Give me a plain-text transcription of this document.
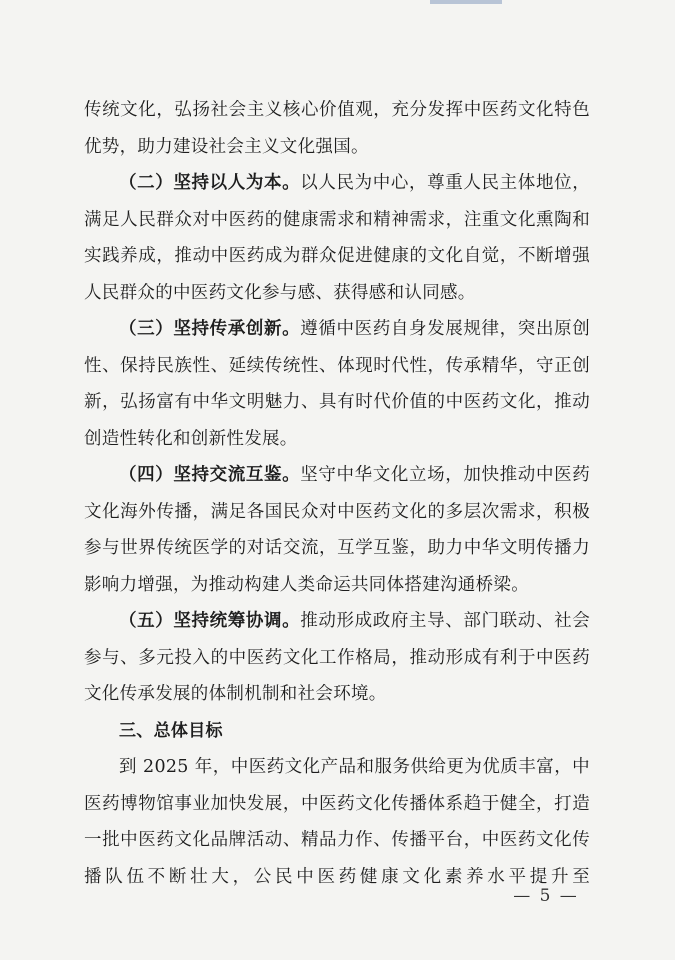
传统文化，弘扬社会主义核心价值观，充分发挥中医药文化特色优势，助力建设社会主义文化强国。

（二）坚持以人为本。以人民为中心，尊重人民主体地位，满足人民群众对中医药的健康需求和精神需求，注重文化熏陶和实践养成，推动中医药成为群众促进健康的文化自觉，不断增强人民群众的中医药文化参与感、获得感和认同感。

（三）坚持传承创新。遵循中医药自身发展规律，突出原创性、保持民族性、延续传统性、体现时代性，传承精华，守正创新，弘扬富有中华文明魅力、具有时代价值的中医药文化，推动创造性转化和创新性发展。

（四）坚持交流互鉴。坚守中华文化立场，加快推动中医药文化海外传播，满足各国民众对中医药文化的多层次需求，积极参与世界传统医学的对话交流，互学互鉴，助力中华文明传播力影响力增强，为推动构建人类命运共同体搭建沟通桥梁。

（五）坚持统筹协调。推动形成政府主导、部门联动、社会参与、多元投入的中医药文化工作格局，推动形成有利于中医药文化传承发展的体制机制和社会环境。

三、总体目标

到 2025 年，中医药文化产品和服务供给更为优质丰富，中医药博物馆事业加快发展，中医药文化传播体系趋于健全，打造一批中医药文化品牌活动、精品力作、传播平台，中医药文化传播队伍不断壮大，公民中医药健康文化素养水平提升至

— 5 —
